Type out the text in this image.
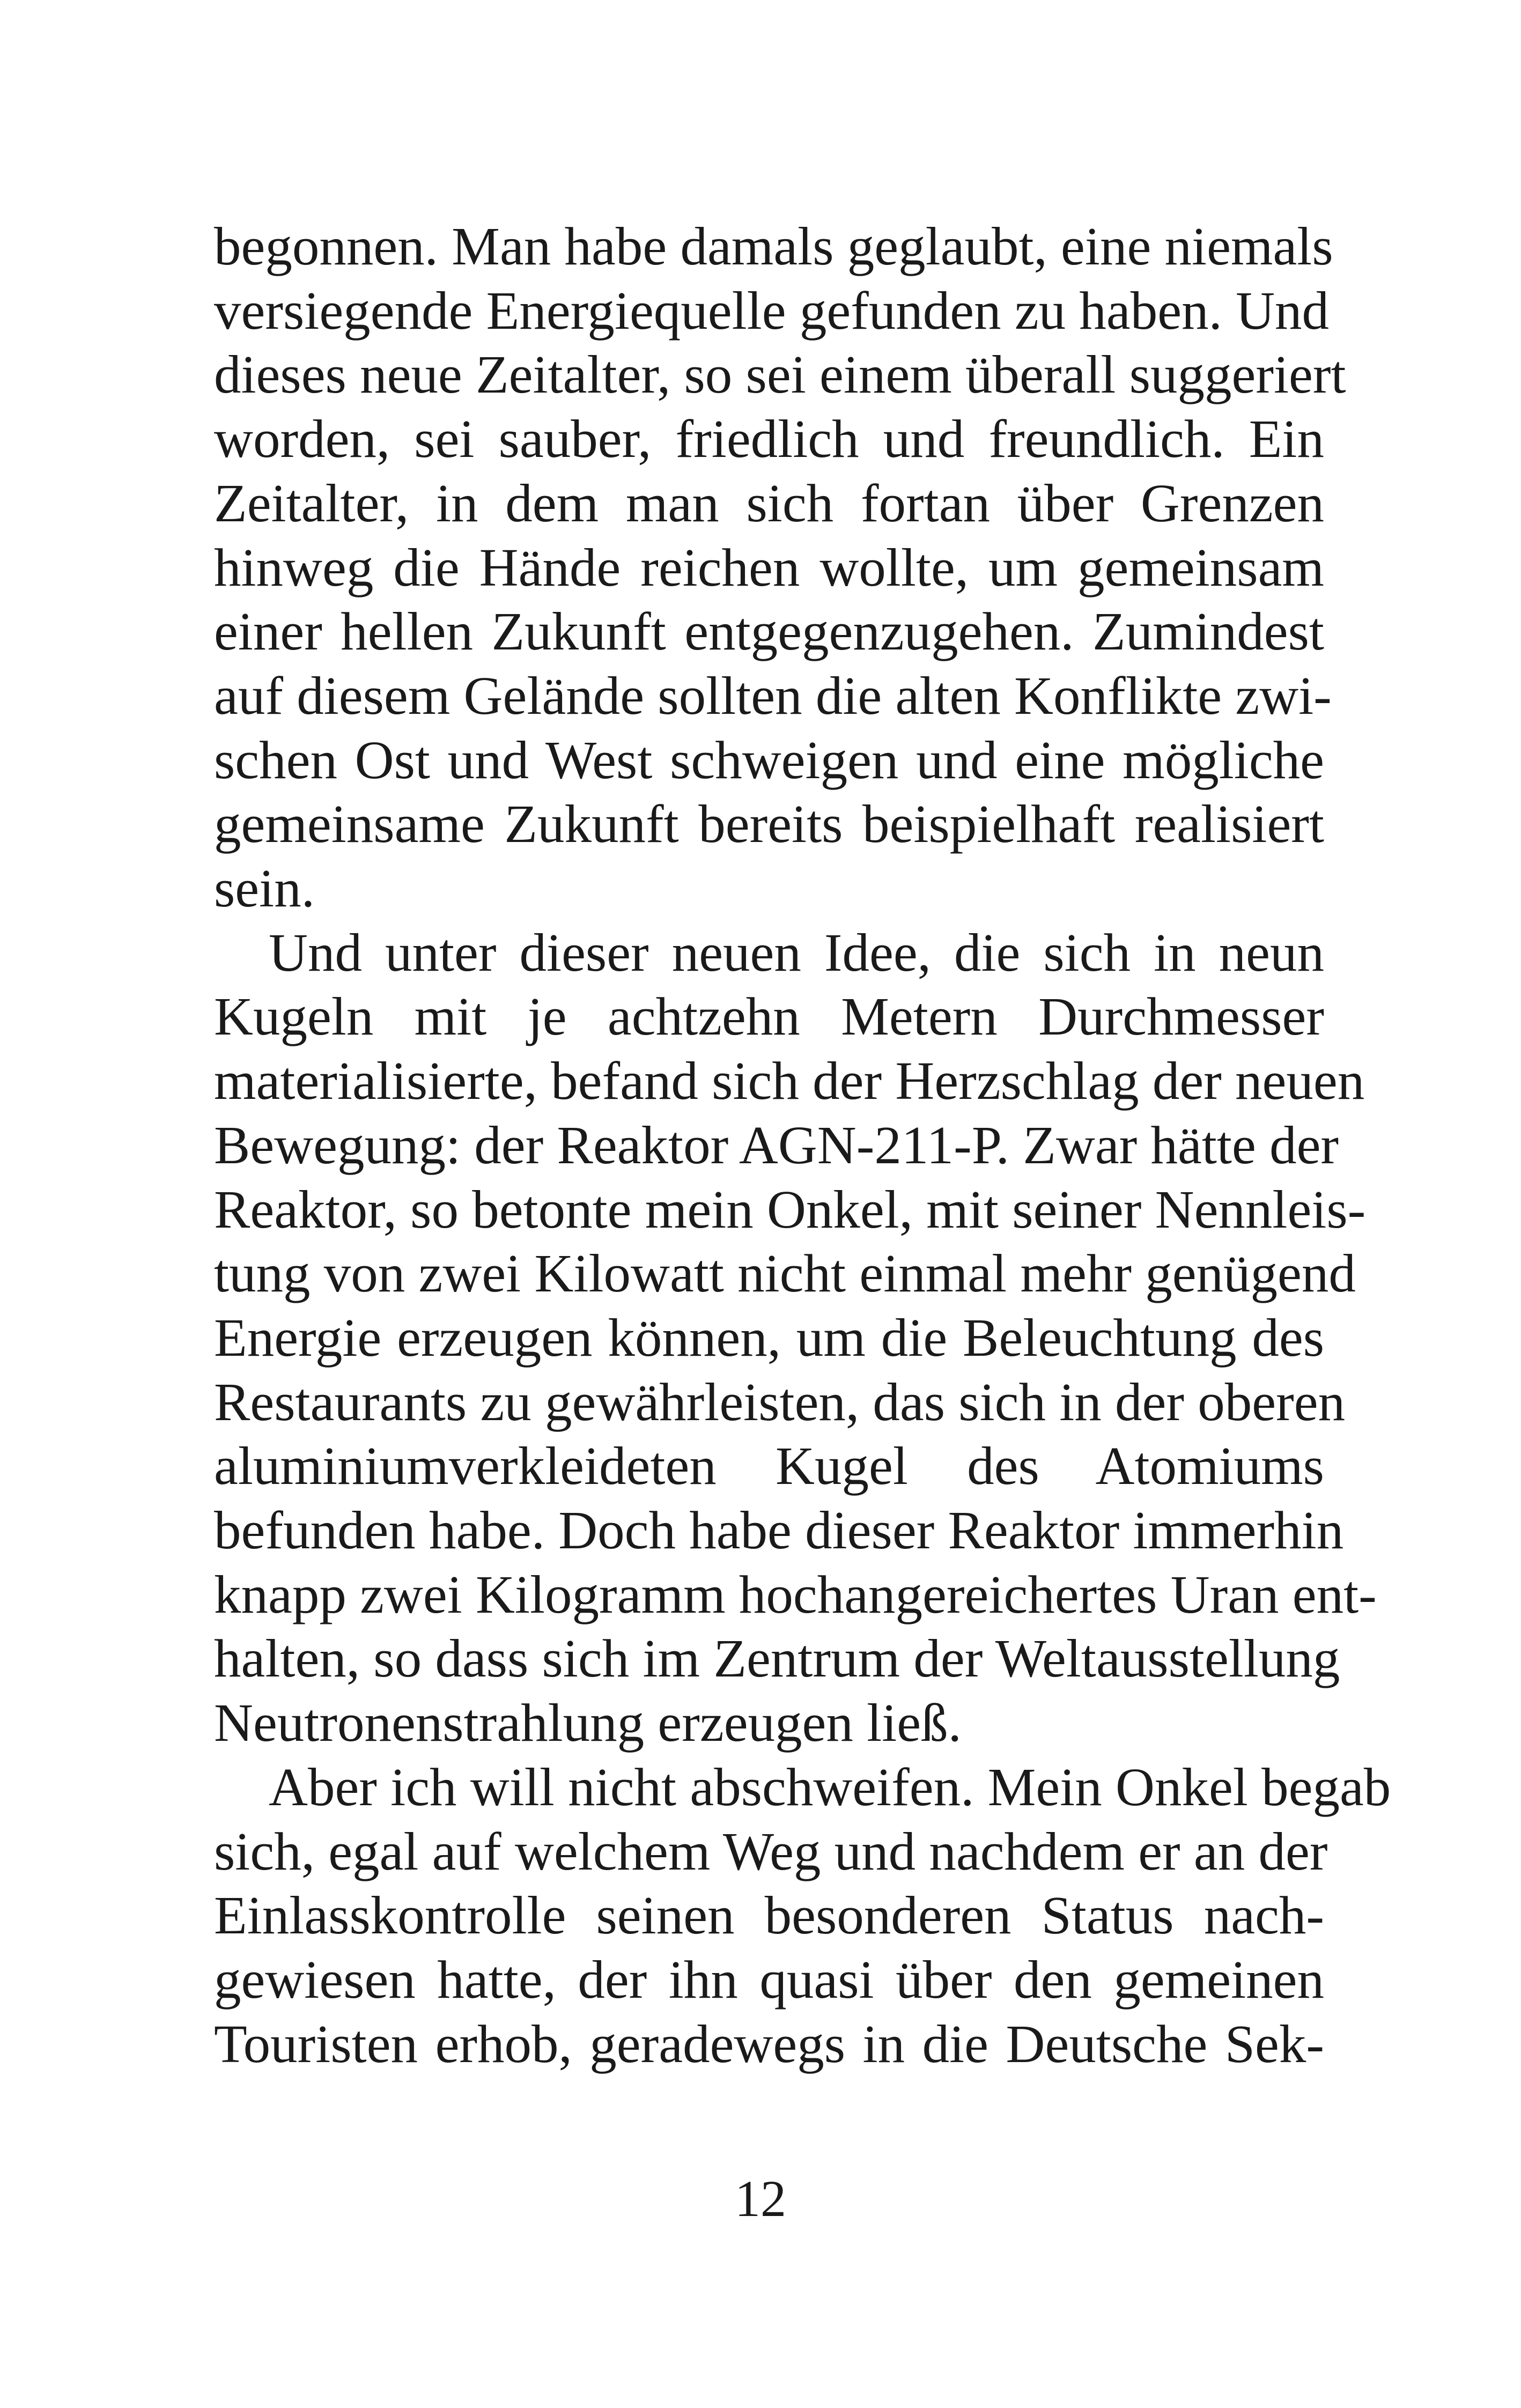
begonnen. Man habe damals geglaubt, eine niemals
versiegende Energiequelle gefunden zu haben. Und
dieses neue Zeitalter, so sei einem überall suggeriert
worden, sei sauber, friedlich und freundlich. Ein
Zeitalter, in dem man sich fortan über Grenzen
hinweg die Hände reichen wollte, um gemeinsam
einer hellen Zukunft entgegenzugehen. Zumindest
auf diesem Gelände sollten die alten Konflikte zwi-
schen Ost und West schweigen und eine mögliche
gemeinsame Zukunft bereits beispielhaft realisiert
sein.

Und unter dieser neuen Idee, die sich in neun
Kugeln mit je achtzehn Metern Durchmesser
materialisierte, befand sich der Herzschlag der neuen
Bewegung: der Reaktor AGN-211-P. Zwar hätte der
Reaktor, so betonte mein Onkel, mit seiner Nennleis-
tung von zwei Kilowatt nicht einmal mehr genügend
Energie erzeugen können, um die Beleuchtung des
Restaurants zu gewährleisten, das sich in der oberen
aluminiumverkleideten Kugel des Atomiums
befunden habe. Doch habe dieser Reaktor immerhin
knapp zwei Kilogramm hochangereichertes Uran ent-
halten, so dass sich im Zentrum der Weltausstellung
Neutronenstrahlung erzeugen ließ.

Aber ich will nicht abschweifen. Mein Onkel begab
sich, egal auf welchem Weg und nachdem er an der
Einlasskontrolle seinen besonderen Status nach-
gewiesen hatte, der ihn quasi über den gemeinen
Touristen erhob, geradewegs in die Deutsche Sek-

12
